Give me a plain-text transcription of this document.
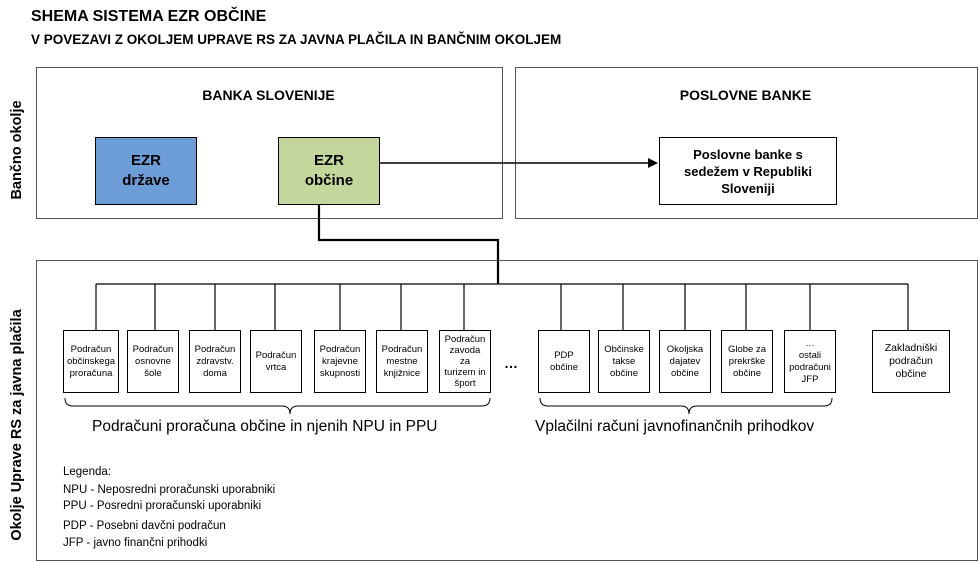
SHEMA SISTEMA EZR OBČINE
V POVEZAVI Z OKOLJEM UPRAVE RS ZA JAVNA PLAČILA IN BANČNIM OKOLJEM
Bančno okolje
Okolje Uprave RS za javna plačila
BANKA SLOVENIJE	POSLOVNE BANKE
EZR
države
EZR
občine
Poslovne banke s
sedežem v Republiki
Sloveniji
Podračun
občinskega
proračuna
Podračun
osnovne
šole
Podračun
zdravstv.
doma
Podračun
vrtca
Podračun
krajevne
skupnosti
Podračun
mestne
knjižnice
Podračun
zavoda
za
turizem in
šport
…	PDP
občine
Občinske
takse
občine
Okoljska
dajatev
občine
Globe za
prekrške
občine
…
ostali
podračuni
JFP
Zakladniški
podračun
občine
Podračuni proračuna občine in njenih NPU in PPU	Vplačilni računi javnofinančnih prihodkov
Legenda:
NPU - Neposredni proračunski uporabniki
PPU - Posredni proračunski uporabniki
PDP - Posebni davčni podračun
JFP - javno finančni prihodki
